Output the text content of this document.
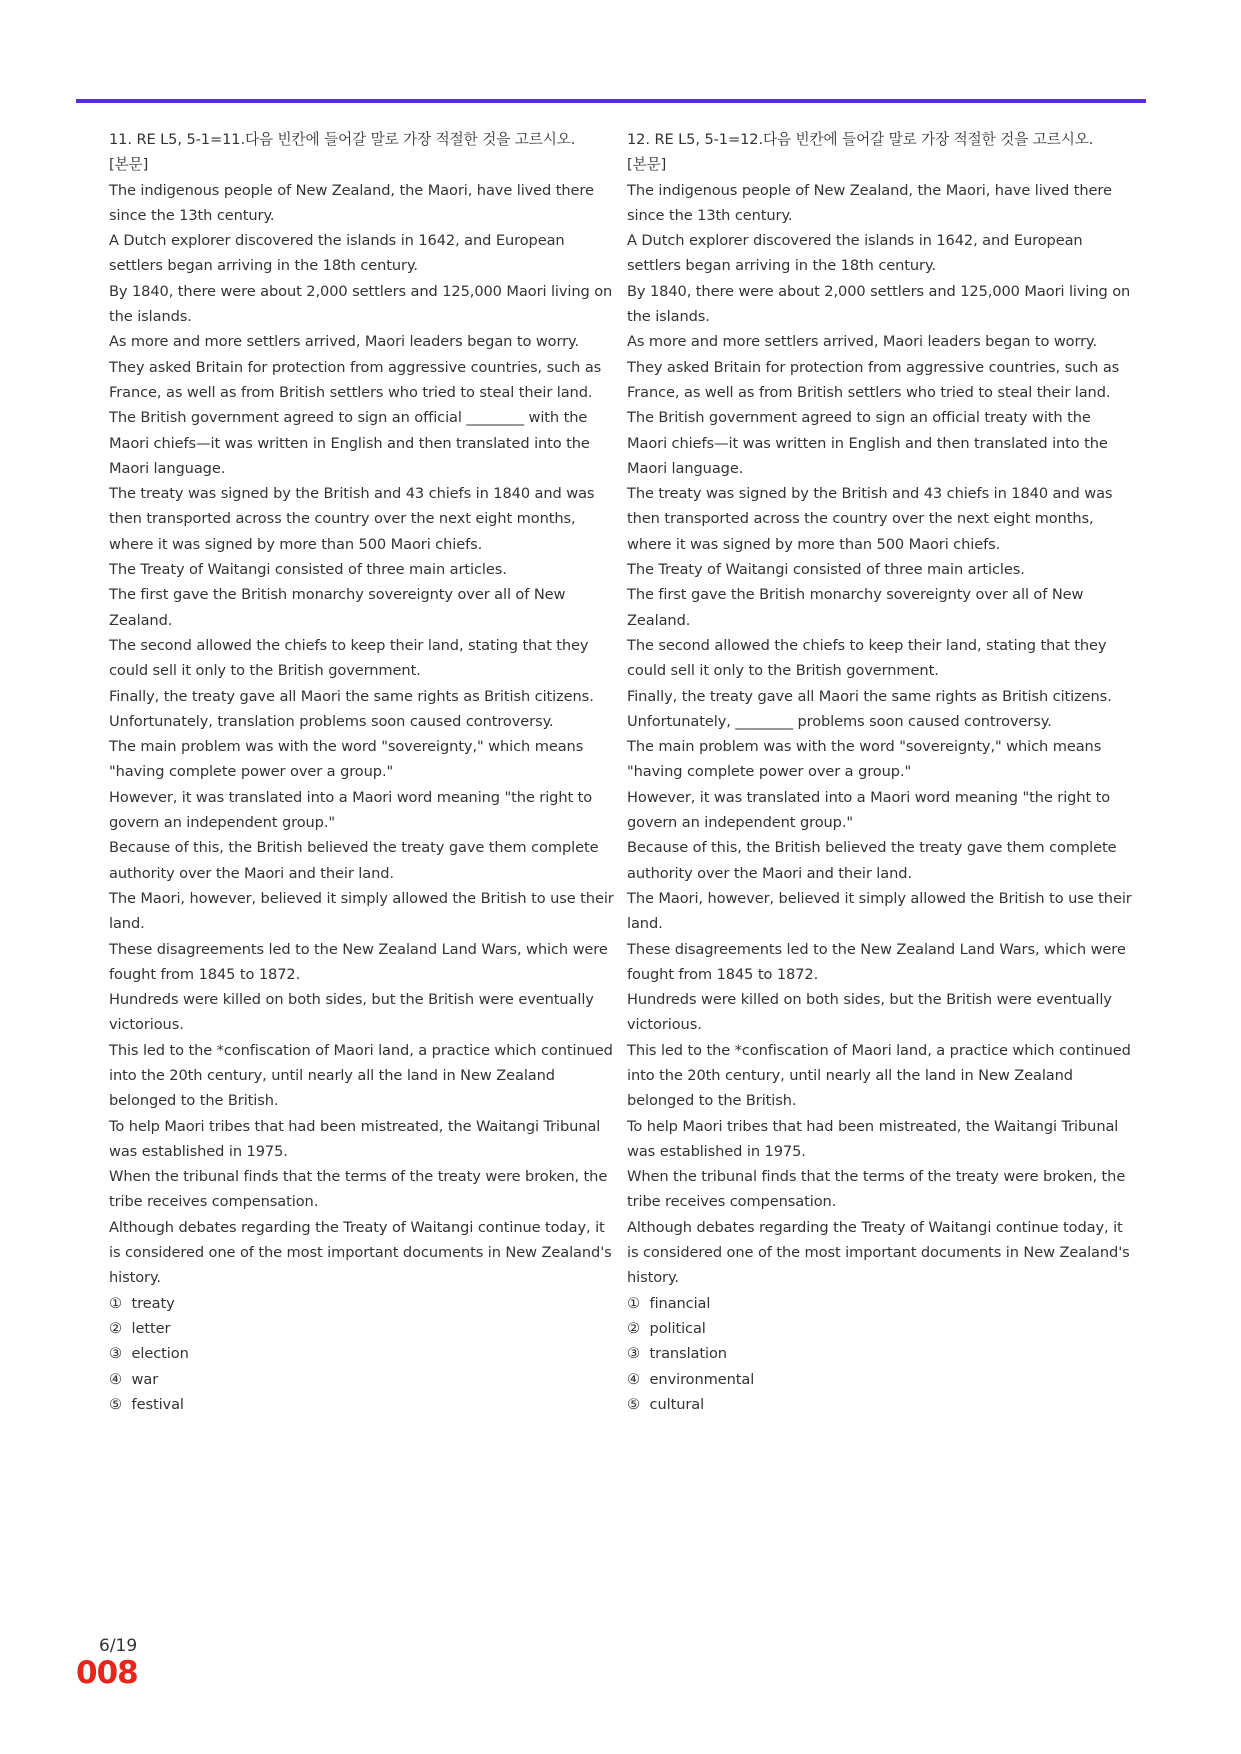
11. RE L5, 5-1=11.다음 빈칸에 들어갈 말로 가장 적절한 것을 고르시오.

[본문]

The indigenous people of New Zealand, the Maori, have lived there since the 13th century.

A Dutch explorer discovered the islands in 1642, and European settlers began arriving in the 18th century.

By 1840, there were about 2,000 settlers and 125,000 Maori living on the islands.

As more and more settlers arrived, Maori leaders began to worry.

They asked Britain for protection from aggressive countries, such as France, as well as from British settlers who tried to steal their land.

The British government agreed to sign an official ________ with the Maori chiefs—it was written in English and then translated into the Maori language.

The treaty was signed by the British and 43 chiefs in 1840 and was then transported across the country over the next eight months, where it was signed by more than 500 Maori chiefs.

The Treaty of Waitangi consisted of three main articles.

The first gave the British monarchy sovereignty over all of New Zealand.

The second allowed the chiefs to keep their land, stating that they could sell it only to the British government.

Finally, the treaty gave all Maori the same rights as British citizens.

Unfortunately, translation problems soon caused controversy.

The main problem was with the word "sovereignty," which means "having complete power over a group."

However, it was translated into a Maori word meaning "the right to govern an independent group."

Because of this, the British believed the treaty gave them complete authority over the Maori and their land.

The Maori, however, believed it simply allowed the British to use their land.

These disagreements led to the New Zealand Land Wars, which were fought from 1845 to 1872.

Hundreds were killed on both sides, but the British were eventually victorious.

This led to the *confiscation of Maori land, a practice which continued into the 20th century, until nearly all the land in New Zealand belonged to the British.

To help Maori tribes that had been mistreated, the Waitangi Tribunal was established in 1975.

When the tribunal finds that the terms of the treaty were broken, the tribe receives compensation.

Although debates regarding the Treaty of Waitangi continue today, it is considered one of the most important documents in New Zealand's history.

① treaty
② letter
③ election
④ war
⑤ festival

12. RE L5, 5-1=12.다음 빈칸에 들어갈 말로 가장 적절한 것을 고르시오.

[본문]

The indigenous people of New Zealand, the Maori, have lived there since the 13th century.

A Dutch explorer discovered the islands in 1642, and European settlers began arriving in the 18th century.

By 1840, there were about 2,000 settlers and 125,000 Maori living on the islands.

As more and more settlers arrived, Maori leaders began to worry.

They asked Britain for protection from aggressive countries, such as France, as well as from British settlers who tried to steal their land.

The British government agreed to sign an official treaty with the Maori chiefs—it was written in English and then translated into the Maori language.

The treaty was signed by the British and 43 chiefs in 1840 and was then transported across the country over the next eight months, where it was signed by more than 500 Maori chiefs.

The Treaty of Waitangi consisted of three main articles.

The first gave the British monarchy sovereignty over all of New Zealand.

The second allowed the chiefs to keep their land, stating that they could sell it only to the British government.

Finally, the treaty gave all Maori the same rights as British citizens.

Unfortunately, ________ problems soon caused controversy.

The main problem was with the word "sovereignty," which means "having complete power over a group."

However, it was translated into a Maori word meaning "the right to govern an independent group."

Because of this, the British believed the treaty gave them complete authority over the Maori and their land.

The Maori, however, believed it simply allowed the British to use their land.

These disagreements led to the New Zealand Land Wars, which were fought from 1845 to 1872.

Hundreds were killed on both sides, but the British were eventually victorious.

This led to the *confiscation of Maori land, a practice which continued into the 20th century, until nearly all the land in New Zealand belonged to the British.

To help Maori tribes that had been mistreated, the Waitangi Tribunal was established in 1975.

When the tribunal finds that the terms of the treaty were broken, the tribe receives compensation.

Although debates regarding the Treaty of Waitangi continue today, it is considered one of the most important documents in New Zealand's history.

① financial
② political
③ translation
④ environmental
⑤ cultural
6/19
008
